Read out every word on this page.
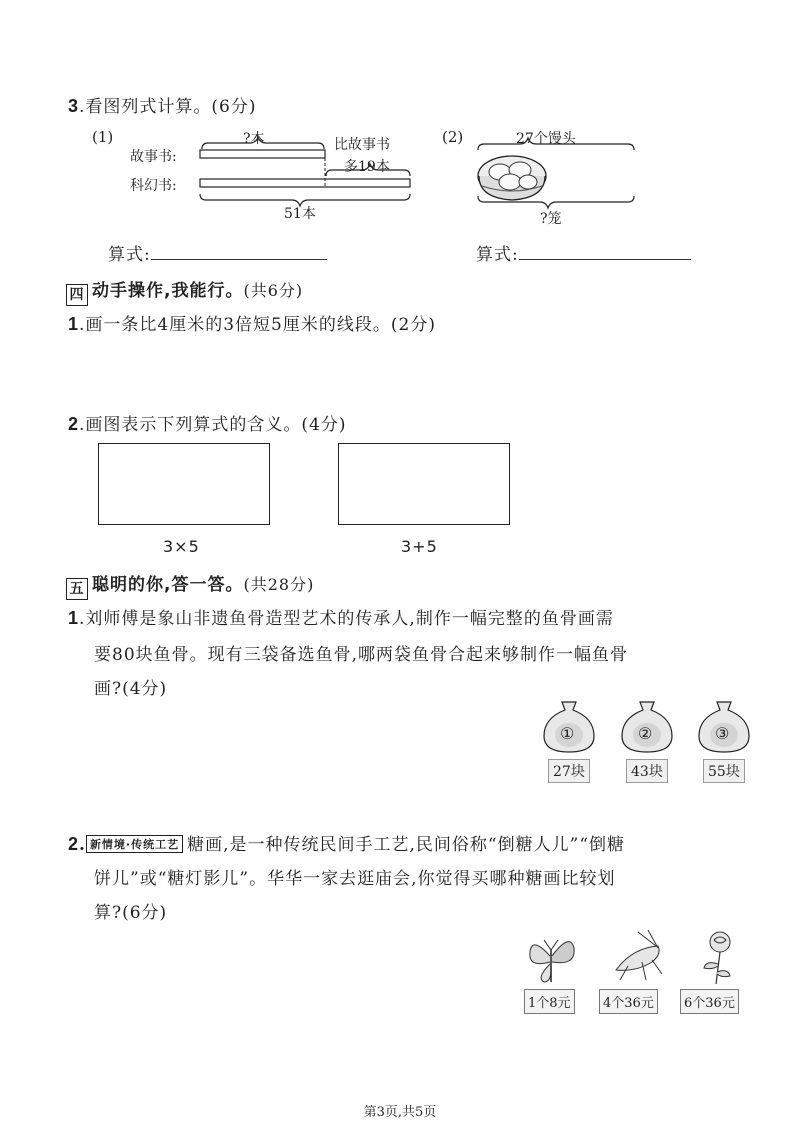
3.看图列式计算。(6分)
(1)	?本
故事书:
科幻书:
比故事书
多19本
51本
(2)	27个馒头
?笼
算式:	算式:
四 动手操作,我能行。(共6分)
1.画一条比4厘米的3倍短5厘米的线段。(2分)
2.画图表示下列算式的含义。(4分)
3×5	3+5
五 聪明的你,答一答。(共28分)
1.刘师傅是象山非遗鱼骨造型艺术的传承人,制作一幅完整的鱼骨画需
要80块鱼骨。现有三袋备选鱼骨,哪两袋鱼骨合起来够制作一幅鱼骨
画?(4分)
①	②	③
27块	43块	55块
2. 新情境·传统工艺 糖画,是一种传统民间手工艺,民间俗称“倒糖人儿”“倒糖
饼儿”或“糖灯影儿”。华华一家去逛庙会,你觉得买哪种糖画比较划
算?(6分)
1个8元	4个36元	6个36元
第3页,共5页
